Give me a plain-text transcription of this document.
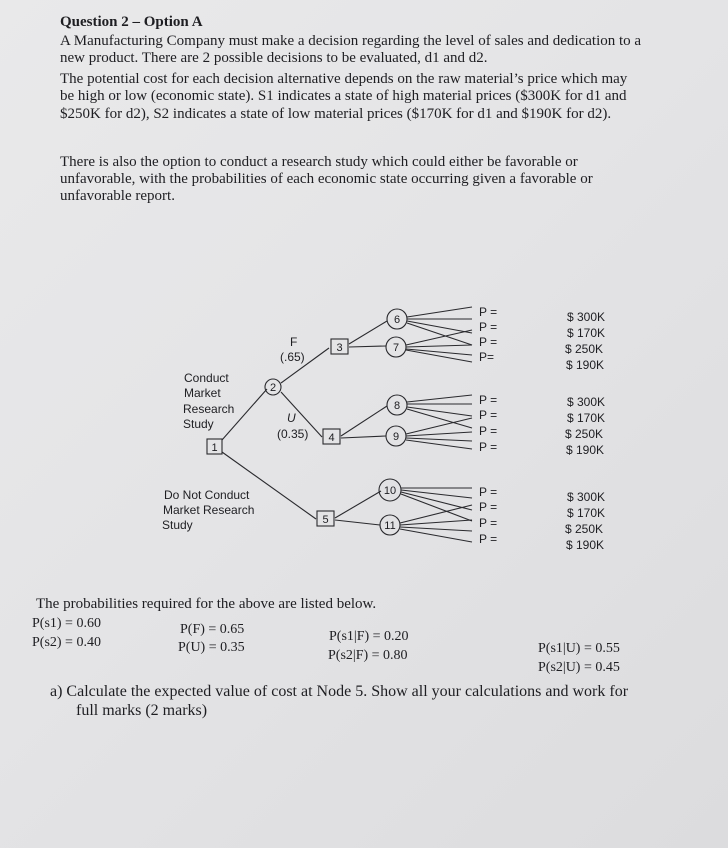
Question 2 – Option A
A Manufacturing Company must make a decision regarding the level of sales and dedication to a
new product. There are 2 possible decisions to be evaluated, d1 and d2.
The potential cost for each decision alternative depends on the raw material’s price which may
be high or low (economic state). S1 indicates a state of high material prices ($300K for d1 and
$250K for d2), S2 indicates a state of low material prices ($170K for d1 and $190K for d2).
There is also the option to conduct a research study which could either be favorable or
unfavorable, with the probabilities of each economic state occurring given a favorable or
unfavorable report.
1
2
3
4
5
6
7
8
9
10
11
Conduct
Market
Research
Study
Do Not Conduct
Market Research
Study
F
(.65)
U
(0.35)
P =
P =
P =
P=
$ 300K
$ 170K
$ 250K
$ 190K
P =
P =
P =
P =
$ 300K
$ 170K
$ 250K
$ 190K
P =
P =
P =
P =
$ 300K
$ 170K
$ 250K
$ 190K
The probabilities required for the above are listed below.
P(s1) = 0.60
P(s2) = 0.40
P(F) = 0.65
P(U) = 0.35
P(s1|F) = 0.20
P(s2|F) = 0.80	P(s1|U) = 0.55
P(s2|U) = 0.45
a) Calculate the expected value of cost at Node 5. Show all your calculations and work for
full marks (2 marks)
